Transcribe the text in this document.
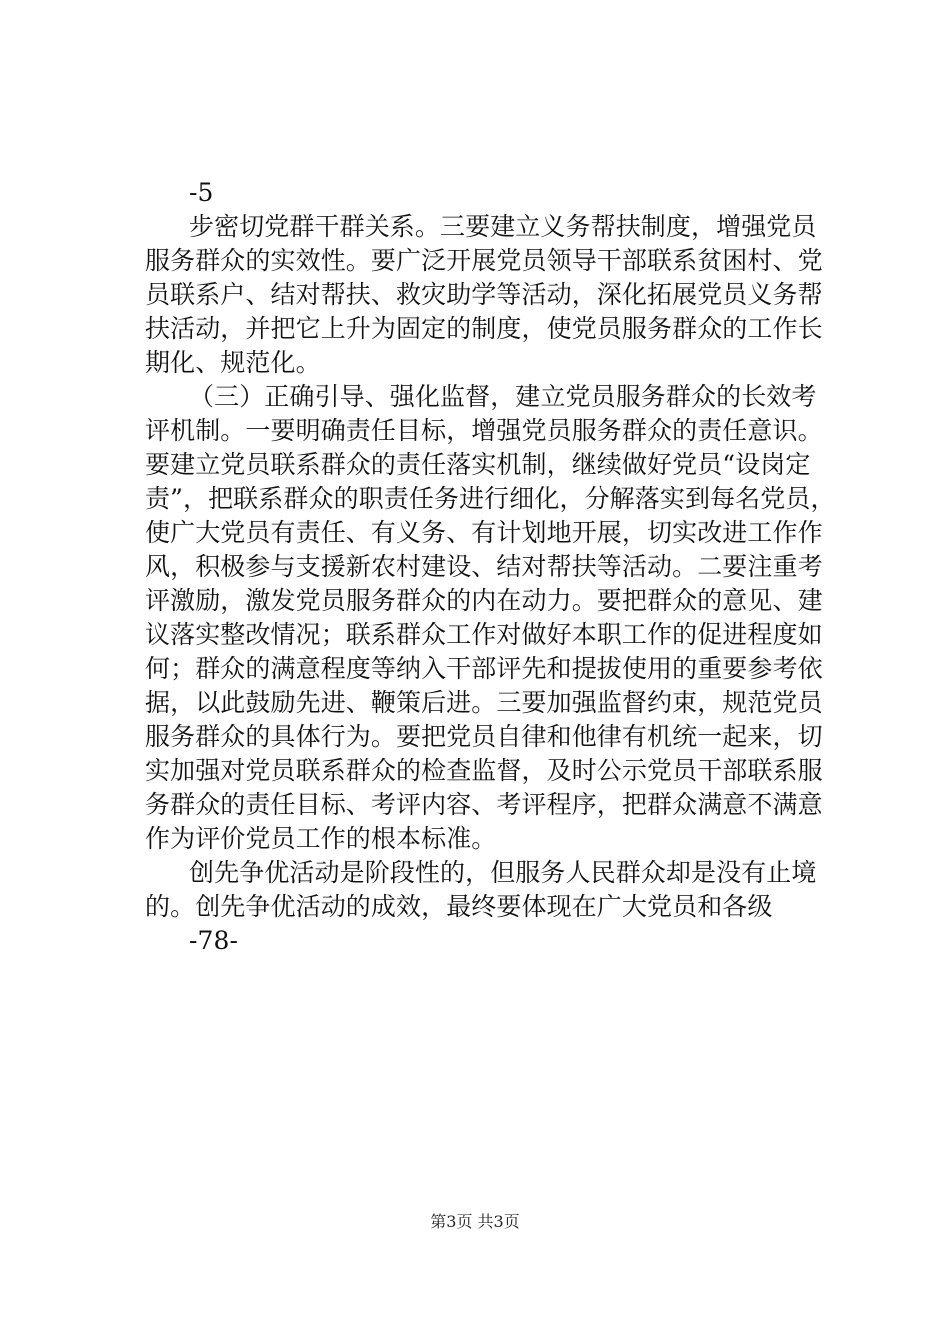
-5
步密切党群干群关系。三要建立义务帮扶制度，增强党员
服务群众的实效性。要广泛开展党员领导干部联系贫困村、党
员联系户、结对帮扶、救灾助学等活动，深化拓展党员义务帮
扶活动，并把它上升为固定的制度，使党员服务群众的工作长
期化、规范化。
（三）正确引导、强化监督，建立党员服务群众的长效考
评机制。一要明确责任目标，增强党员服务群众的责任意识。
要建立党员联系群众的责任落实机制，继续做好党员“设岗定
责”，把联系群众的职责任务进行细化，分解落实到每名党员，
使广大党员有责任、有义务、有计划地开展，切实改进工作作
风，积极参与支援新农村建设、结对帮扶等活动。二要注重考
评激励，激发党员服务群众的内在动力。要把群众的意见、建
议落实整改情况；联系群众工作对做好本职工作的促进程度如
何；群众的满意程度等纳入干部评先和提拔使用的重要参考依
据，以此鼓励先进、鞭策后进。三要加强监督约束，规范党员
服务群众的具体行为。要把党员自律和他律有机统一起来，切
实加强对党员联系群众的检查监督，及时公示党员干部联系服
务群众的责任目标、考评内容、考评程序，把群众满意不满意
作为评价党员工作的根本标准。
创先争优活动是阶段性的，但服务人民群众却是没有止境
的。创先争优活动的成效，最终要体现在广大党员和各级
-78-
第3页 共3页
